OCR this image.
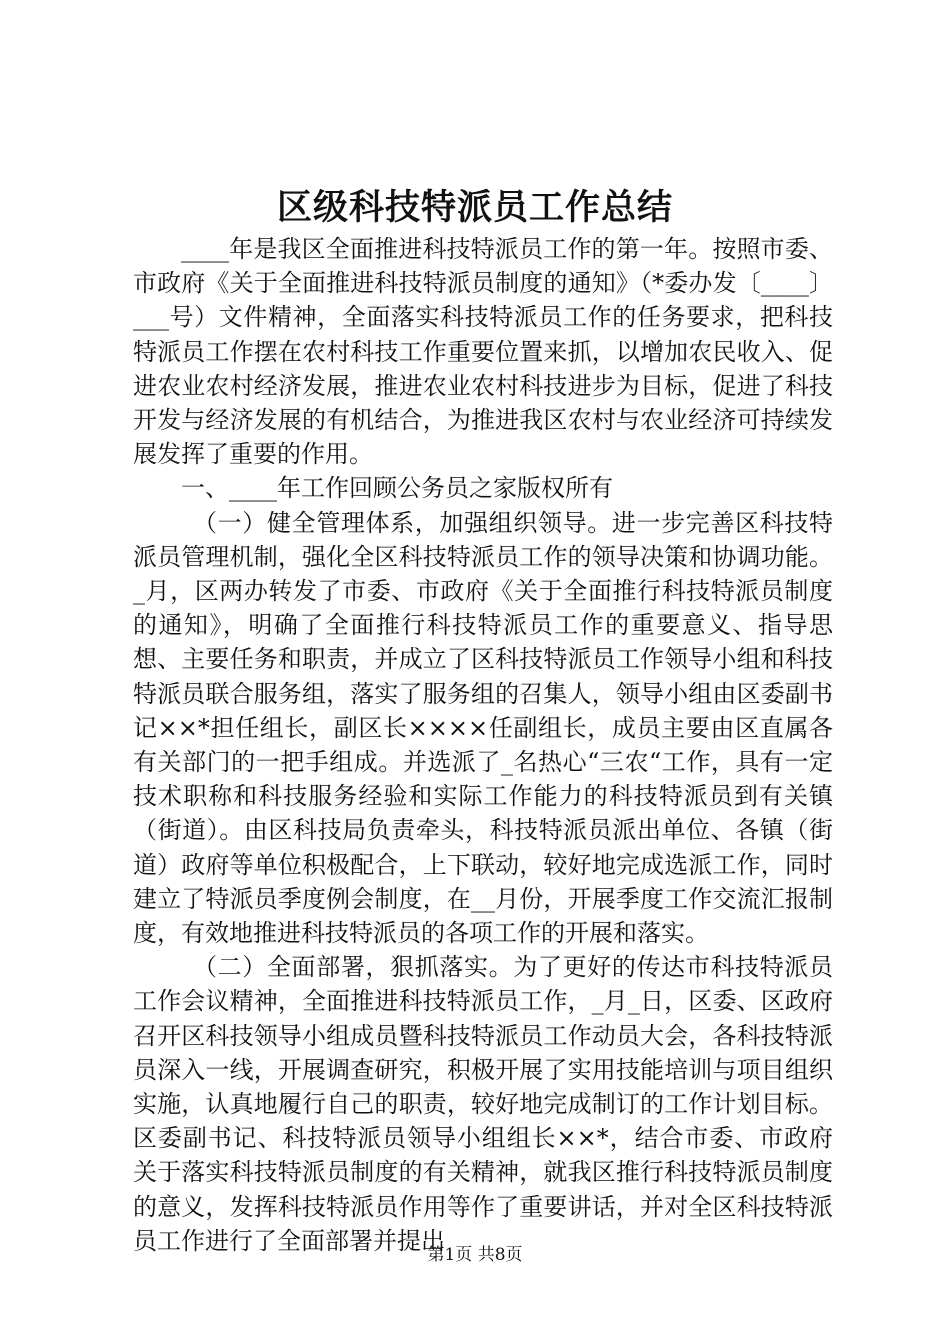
区级科技特派员工作总结

____年是我区全面推进科技特派员工作的第一年。按照市委、市政府《关于全面推进科技特派员制度的通知》（*委办发〔____〕___号）文件精神，全面落实科技特派员工作的任务要求，把科技特派员工作摆在农村科技工作重要位置来抓，以增加农民收入、促进农业农村经济发展，推进农业农村科技进步为目标，促进了科技开发与经济发展的有机结合，为推进我区农村与农业经济可持续发展发挥了重要的作用。

一、____年工作回顾公务员之家版权所有

（一）健全管理体系，加强组织领导。进一步完善区科技特派员管理机制，强化全区科技特派员工作的领导决策和协调功能。_月，区两办转发了市委、市政府《关于全面推行科技特派员制度的通知》，明确了全面推行科技特派员工作的重要意义、指导思想、主要任务和职责，并成立了区科技特派员工作领导小组和科技特派员联合服务组，落实了服务组的召集人，领导小组由区委副书记××*担任组长，副区长××××任副组长，成员主要由区直属各有关部门的一把手组成。并选派了_名热心“三农“工作，具有一定技术职称和科技服务经验和实际工作能力的科技特派员到有关镇（街道）。由区科技局负责牵头，科技特派员派出单位、各镇（街道）政府等单位积极配合，上下联动，较好地完成选派工作，同时建立了特派员季度例会制度，在__月份，开展季度工作交流汇报制度，有效地推进科技特派员的各项工作的开展和落实。

（二）全面部署，狠抓落实。为了更好的传达市科技特派员工作会议精神，全面推进科技特派员工作，_月_日，区委、区政府召开区科技领导小组成员暨科技特派员工作动员大会，各科技特派员深入一线，开展调查研究，积极开展了实用技能培训与项目组织实施，认真地履行自己的职责，较好地完成制订的工作计划目标。区委副书记、科技特派员领导小组组长××*，结合市委、市政府关于落实科技特派员制度的有关精神，就我区推行科技特派员制度的意义，发挥科技特派员作用等作了重要讲话，并对全区科技特派员工作进行了全面部署并提出

第1页 共8页
